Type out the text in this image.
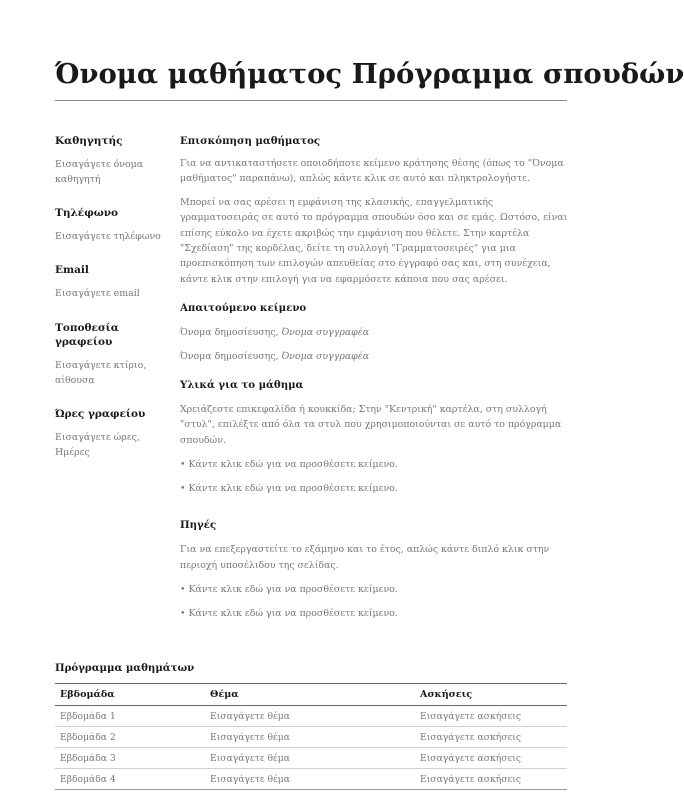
Όνομα μαθήματος Πρόγραμμα σπουδών
Καθηγητής
Εισαγάγετε όνομα καθηγητή
Τηλέφωνο
Εισαγάγετε τηλέφωνο
Email
Εισαγάγετε email
Τοποθεσία γραφείου
Εισαγάγετε κτίριο, αίθουσα
Ώρες γραφείου
Εισαγάγετε ώρες, Ημέρες
Επισκόπηση μαθήματος
Για να αντικαταστήσετε οποιοδήποτε κείμενο κράτησης θέσης (όπως το "Όνομα μαθήματος" παραπάνω), απλώς κάντε κλικ σε αυτό και πληκτρολογήστε.
Μπορεί να σας αρέσει η εμφάνιση της κλασικής, επαγγελματικής γραμματοσειράς σε αυτό το πρόγραμμα σπουδών όσο και σε εμάς. Ωστόσο, είναι επίσης εύκολο να έχετε ακριβώς την εμφάνιση που θέλετε. Στην καρτέλα "Σχεδίαση" της κορδέλας, δείτε τη συλλογή "Γραμματοσειρές" για μια προεπισκόπηση των επιλογών απευθείας στο έγγραφό σας και, στη συνέχεια, κάντε κλικ στην επιλογή για να εφαρμόσετε κάποια που σας αρέσει.
Απαιτούμενο κείμενο
Όνομα δημοσίευσης, Όνομα συγγραφέα
Όνομα δημοσίευσης, Όνομα συγγραφέα
Υλικά για το μάθημα
Χρειάζεστε επικεφαλίδα ή κουκκίδα; Στην "Κεντρική" καρτέλα, στη συλλογή "στυλ", επιλέξτε από όλα τα στυλ που χρησιμοποιούνται σε αυτό το πρόγραμμα σπουδών.
• Κάντε κλικ εδώ για να προσθέσετε κείμενο.
• Κάντε κλικ εδώ για να προσθέσετε κείμενο.
Πηγές
Για να επεξεργαστείτε το εξάμηνο και το έτος, απλώς κάντε διπλό κλικ στην περιοχή υποσέλιδου της σελίδας.
• Κάντε κλικ εδώ για να προσθέσετε κείμενο.
• Κάντε κλικ εδώ για να προσθέσετε κείμενο.
Πρόγραμμα μαθημάτων
Εβδομάδα	Θέμα	Ασκήσεις
Εβδομάδα 1	Εισαγάγετε θέμα	Εισαγάγετε ασκήσεις
Εβδομάδα 2	Εισαγάγετε θέμα	Εισαγάγετε ασκήσεις
Εβδομάδα 3	Εισαγάγετε θέμα	Εισαγάγετε ασκήσεις
Εβδομάδα 4	Εισαγάγετε θέμα	Εισαγάγετε ασκήσεις
